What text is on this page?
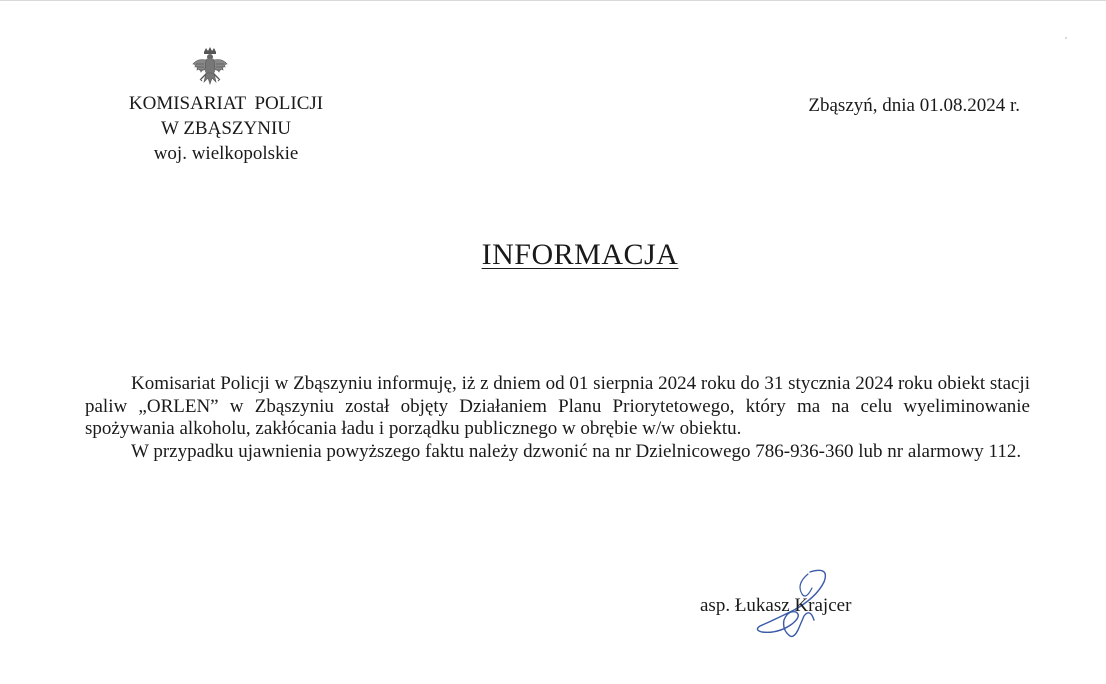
KOMISARIAT POLICJI
W ZBĄSZYNIU
woj. wielkopolskie
Zbąszyń, dnia 01.08.2024 r.
INFORMACJA

Komisariat Policji w Zbąszyniu informuję, iż z dniem od 01 sierpnia 2024 roku do 31 stycznia 2024 roku obiekt stacji paliw „ORLEN” w Zbąszyniu został objęty Działaniem Planu Priorytetowego, który ma na celu wyeliminowanie spożywania alkoholu, zakłócania ładu i porządku publicznego w obrębie w/w obiektu.

W przypadku ujawnienia powyższego faktu należy dzwonić na nr Dzielnicowego 786-936-360 lub nr alarmowy 112.

asp. Łukasz Krajcer
